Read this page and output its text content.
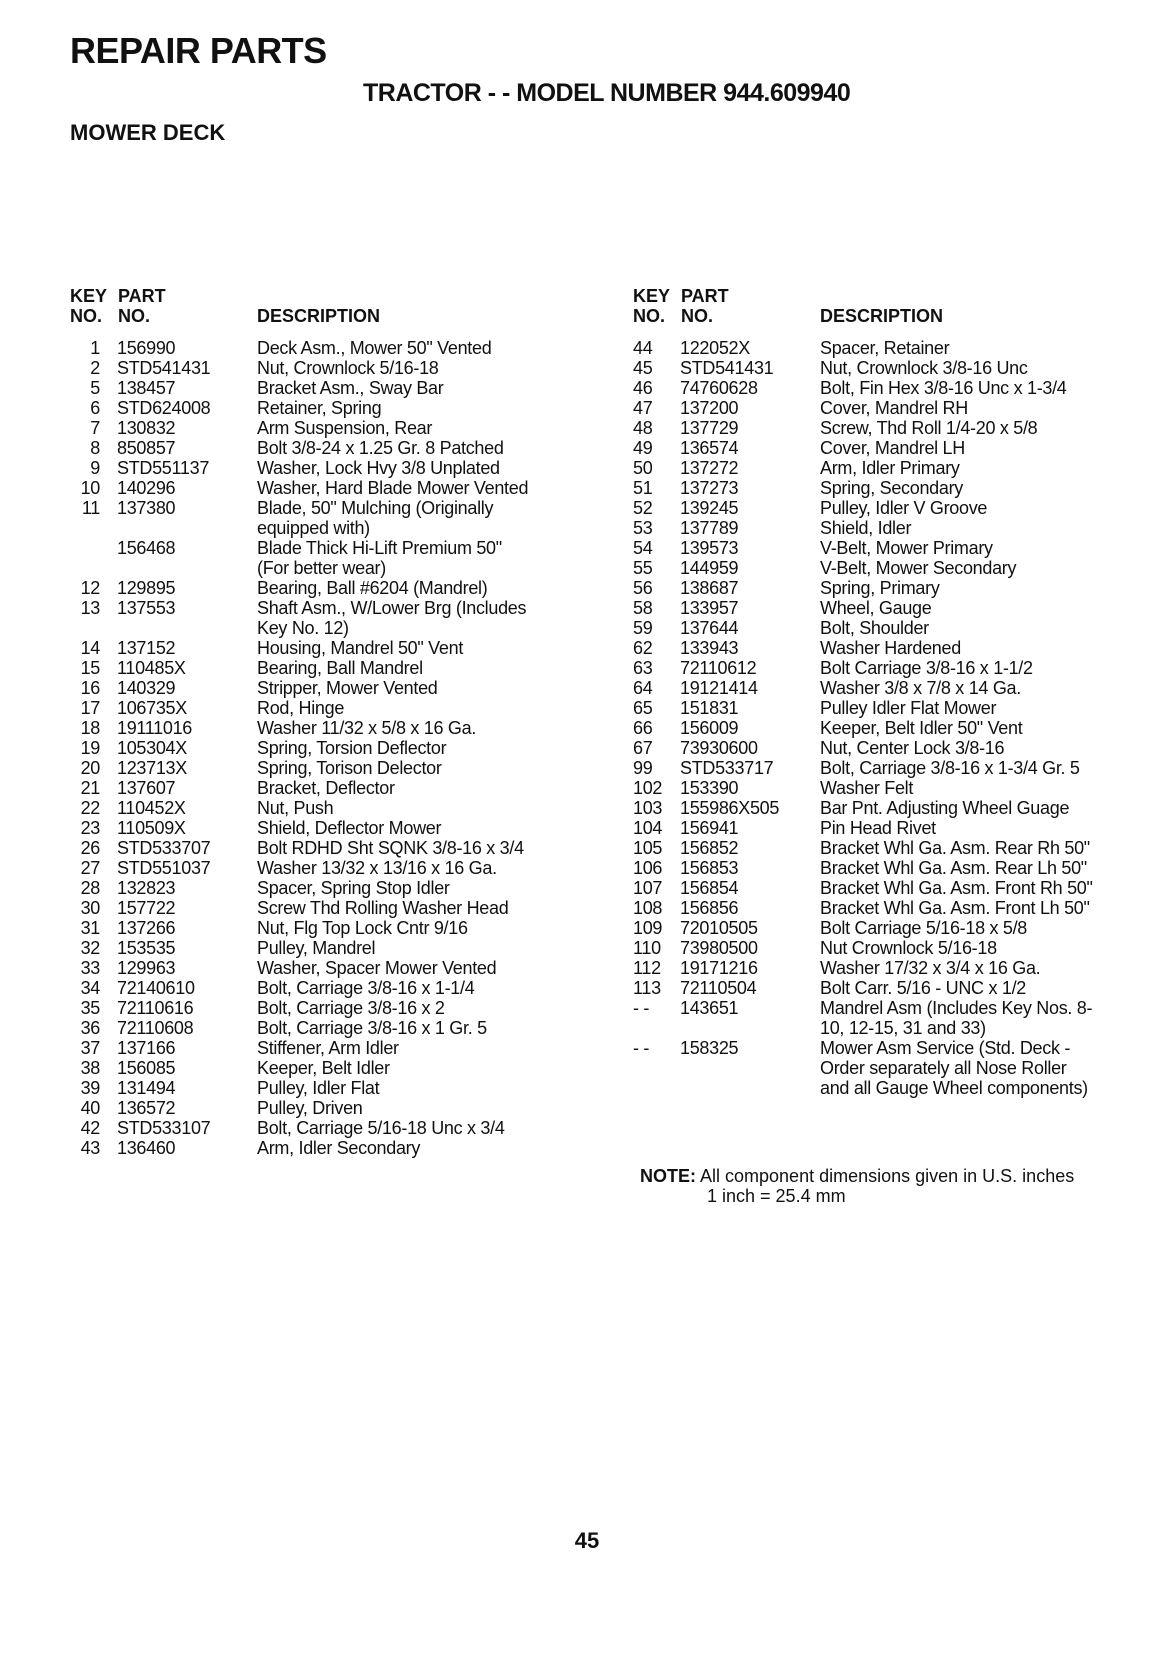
REPAIR PARTS
TRACTOR - - MODEL NUMBER 944.609940
MOWER DECK
KEY
NO.
PART
NO.	DESCRIPTION
1 156990	Deck Asm., Mower 50" Vented
2 STD541431	Nut, Crownlock 5/16-18
5 138457	Bracket Asm., Sway Bar
6 STD624008	Retainer, Spring
7 130832	Arm Suspension, Rear
8 850857	Bolt 3/8-24 x 1.25 Gr. 8 Patched
9 STD551137	Washer, Lock Hvy 3/8 Unplated
10 140296	Washer, Hard Blade Mower Vented
11 137380	Blade, 50" Mulching (Originally
equipped with)
156468	Blade Thick Hi-Lift Premium 50"
(For better wear)
12 129895	Bearing, Ball #6204 (Mandrel)
13 137553	Shaft Asm., W/Lower Brg (Includes
Key No. 12)
14 137152	Housing, Mandrel 50" Vent
15 110485X	Bearing, Ball Mandrel
16 140329	Stripper, Mower Vented
17 106735X	Rod, Hinge
18 19111016	Washer 11/32 x 5/8 x 16 Ga.
19 105304X	Spring, Torsion Deflector
20 123713X	Spring, Torison Delector
21 137607	Bracket, Deflector
22 110452X	Nut, Push
23 110509X	Shield, Deflector Mower
26 STD533707	Bolt RDHD Sht SQNK 3/8-16 x 3/4
27 STD551037	Washer 13/32 x 13/16 x 16 Ga.
28 132823	Spacer, Spring Stop Idler
30 157722	Screw Thd Rolling Washer Head
31 137266	Nut, Flg Top Lock Cntr 9/16
32 153535	Pulley, Mandrel
33 129963	Washer, Spacer Mower Vented
34 72140610	Bolt, Carriage 3/8-16 x 1-1/4
35 72110616	Bolt, Carriage 3/8-16 x 2
36 72110608	Bolt, Carriage 3/8-16 x 1 Gr. 5
37 137166	Stiffener, Arm Idler
38 156085	Keeper, Belt Idler
39 131494	Pulley, Idler Flat
40 136572	Pulley, Driven
42 STD533107	Bolt, Carriage 5/16-18 Unc x 3/4
43 136460	Arm, Idler Secondary
KEY
NO.
PART
NO.	DESCRIPTION
44	122052X	Spacer, Retainer
45	STD541431	Nut, Crownlock 3/8-16 Unc
46	74760628	Bolt, Fin Hex 3/8-16 Unc x 1-3/4
47	137200	Cover, Mandrel RH
48	137729	Screw, Thd Roll 1/4-20 x 5/8
49	136574	Cover, Mandrel LH
50	137272	Arm, Idler Primary
51	137273	Spring, Secondary
52	139245	Pulley, Idler V Groove
53	137789	Shield, Idler
54	139573	V-Belt, Mower Primary
55	144959	V-Belt, Mower Secondary
56	138687	Spring, Primary
58	133957	Wheel, Gauge
59	137644	Bolt, Shoulder
62	133943	Washer Hardened
63	72110612	Bolt Carriage 3/8-16 x 1-1/2
64	19121414	Washer 3/8 x 7/8 x 14 Ga.
65	151831	Pulley Idler Flat Mower
66	156009	Keeper, Belt Idler 50" Vent
67	73930600	Nut, Center Lock 3/8-16
99	STD533717	Bolt, Carriage 3/8-16 x 1-3/4 Gr. 5
102 153390	Washer Felt
103 155986X505 Bar Pnt. Adjusting Wheel Guage
104 156941	Pin Head Rivet
105 156852	Bracket Whl Ga. Asm. Rear Rh 50"
106 156853	Bracket Whl Ga. Asm. Rear Lh 50"
107 156854	Bracket Whl Ga. Asm. Front Rh 50"
108 156856	Bracket Whl Ga. Asm. Front Lh 50"
109 72010505	Bolt Carriage 5/16-18 x 5/8
110	73980500	Nut Crownlock 5/16-18
112	19171216	Washer 17/32 x 3/4 x 16 Ga.
113	72110504	Bolt Carr. 5/16 - UNC x 1/2
- -	143651	Mandrel Asm (Includes Key Nos. 8-
10, 12-15, 31 and 33)
- -	158325	Mower Asm Service (Std. Deck -
Order separately all Nose Roller
and all Gauge Wheel components)
NOTE: All component dimensions given in U.S. inches
1 inch = 25.4 mm
45
